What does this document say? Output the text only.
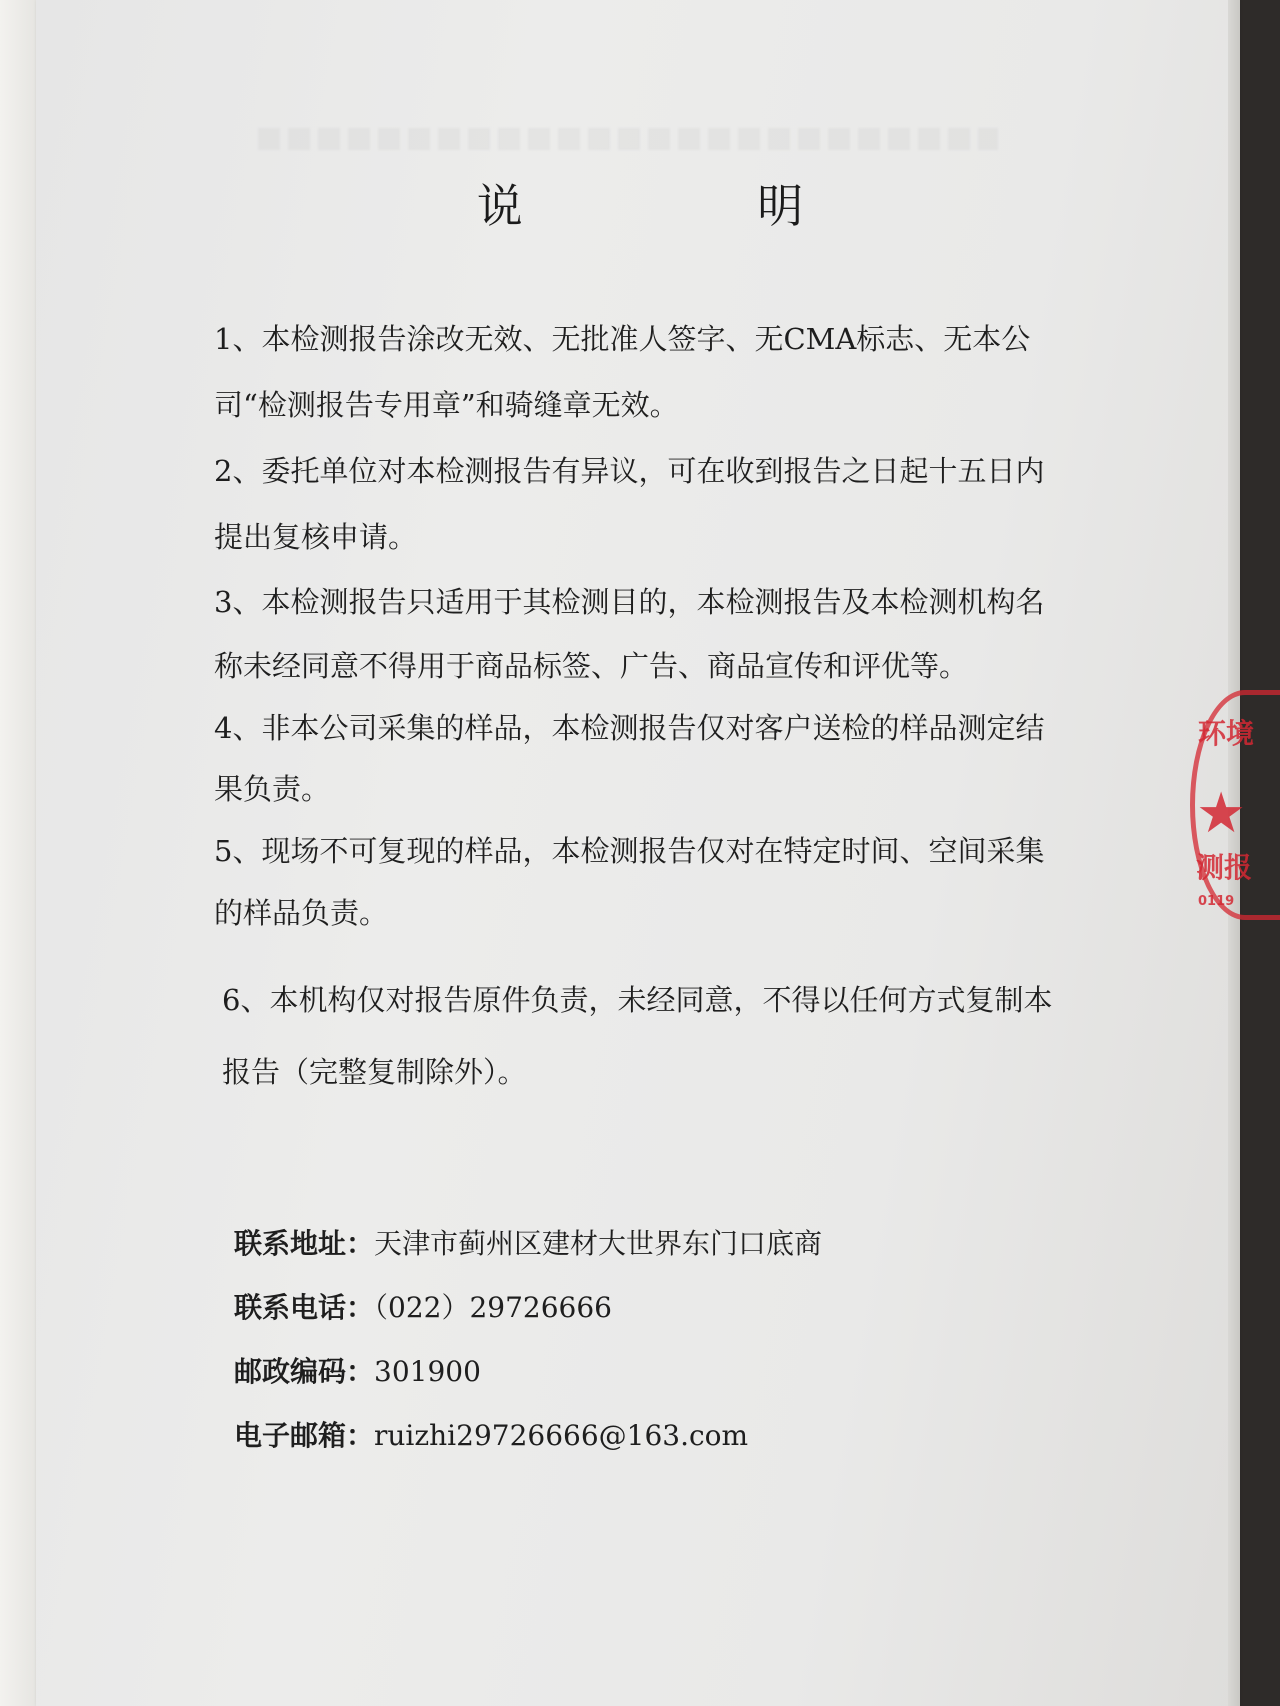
说 明

1、本检测报告涂改无效、无批准人签字、无CMA标志、无本公司“检测报告专用章”和骑缝章无效。

2、委托单位对本检测报告有异议，可在收到报告之日起十五日内提出复核申请。

3、本检测报告只适用于其检测目的，本检测报告及本检测机构名称未经同意不得用于商品标签、广告、商品宣传和评优等。

4、非本公司采集的样品，本检测报告仅对客户送检的样品测定结果负责。

5、现场不可复现的样品，本检测报告仅对在特定时间、空间采集的样品负责。

6、本机构仅对报告原件负责，未经同意，不得以任何方式复制本报告（完整复制除外）。

联系地址：天津市蓟州区建材大世界东门口底商
联系电话：（022）29726666
邮政编码：301900
电子邮箱：ruizhi29726666@163.com
环境
★
测报
0119
